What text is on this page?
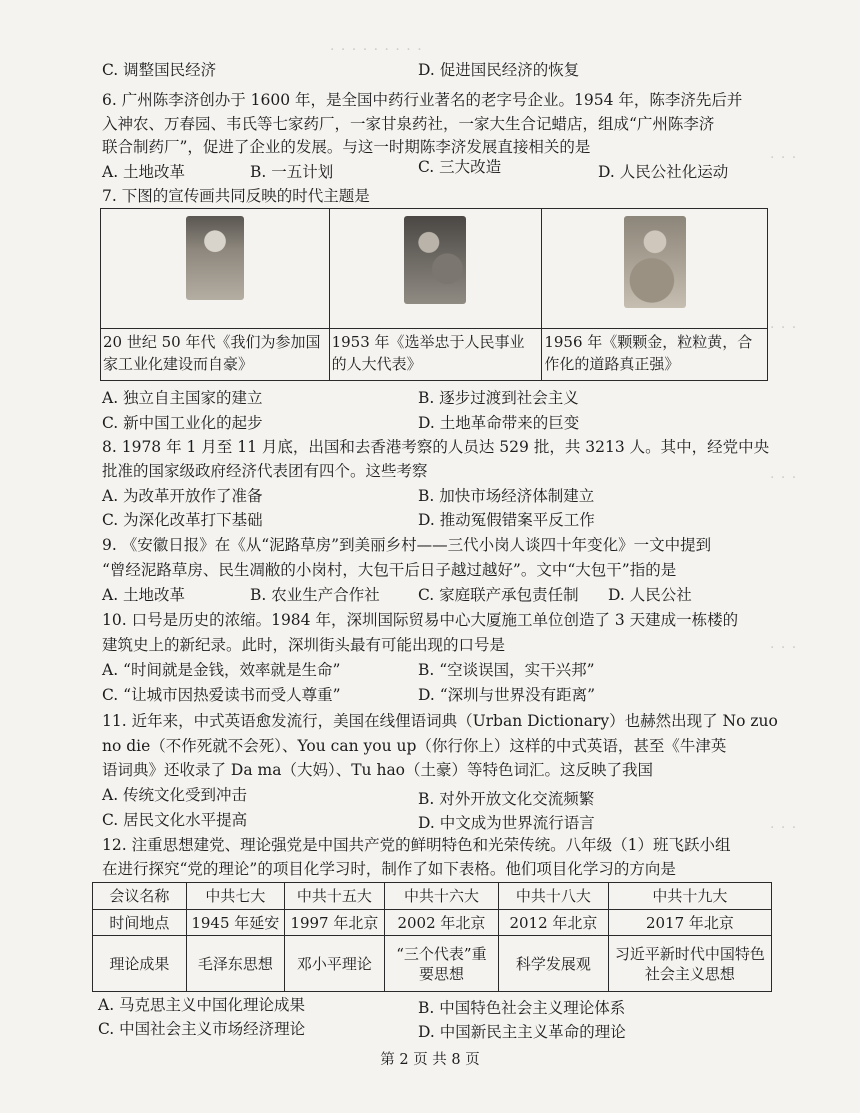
· · · · · · · · ·
· · ·
· · ·
· · ·
· · ·
· · ·
C. 调整国民经济	D. 促进国民经济的恢复
6. 广州陈李济创办于 1600 年，是全国中药行业著名的老字号企业。1954 年，陈李济先后并
入神农、万春园、韦氏等七家药厂，一家甘泉药社，一家大生合记蜡店，组成“广州陈李济
联合制药厂”，促进了企业的发展。与这一时期陈李济发展直接相关的是
A. 土地改革	B. 一五计划	C. 三大改造	D. 人民公社化运动
7. 下图的宣传画共同反映的时代主题是

20 世纪 50 年代《我们为参加国家工业化建设而自豪》	1953 年《选举忠于人民事业的人大代表》	1956 年《颗颗金，粒粒黄，合作化的道路真正强》
A. 独立自主国家的建立	B. 逐步过渡到社会主义
C. 新中国工业化的起步	D. 土地革命带来的巨变
8. 1978 年 1 月至 11 月底，出国和去香港考察的人员达 529 批，共 3213 人。其中，经党中央
批准的国家级政府经济代表团有四个。这些考察
A. 为改革开放作了准备	B. 加快市场经济体制建立
C. 为深化改革打下基础	D. 推动冤假错案平反工作
9. 《安徽日报》在《从“泥路草房”到美丽乡村——三代小岗人谈四十年变化》一文中提到
“曾经泥路草房、民生凋敝的小岗村，大包干后日子越过越好”。文中“大包干”指的是
A. 土地改革	B. 农业生产合作社 C. 家庭联产承包责任制 D. 人民公社
10. 口号是历史的浓缩。1984 年，深圳国际贸易中心大厦施工单位创造了 3 天建成一栋楼的
建筑史上的新纪录。此时，深圳街头最有可能出现的口号是
A. “时间就是金钱，效率就是生命”	B. “空谈误国，实干兴邦”
C. “让城市因热爱读书而受人尊重”	D. “深圳与世界没有距离”
11. 近年来，中式英语愈发流行，美国在线俚语词典（Urban Dictionary）也赫然出现了 No zuo
no die（不作死就不会死）、You can you up（你行你上）这样的中式英语，甚至《牛津英
语词典》还收录了 Da ma（大妈）、Tu hao（土豪）等特色词汇。这反映了我国
A. 传统文化受到冲击	B. 对外开放文化交流频繁
C. 居民文化水平提高	D. 中文成为世界流行语言
12. 注重思想建党、理论强党是中国共产党的鲜明特色和光荣传统。八年级（1）班飞跃小组
在进行探究“党的理论”的项目化学习时，制作了如下表格。他们项目化学习的方向是
会议名称	中共七大	中共十五大	中共十六大	中共十八大	中共十九大
时间地点	1945 年延安	1997 年北京	2002 年北京	2012 年北京	2017 年北京
理论成果	毛泽东思想	邓小平理论	“三个代表”重要思想	科学发展观	习近平新时代中国特色社会主义思想
A. 马克思主义中国化理论成果	B. 中国特色社会主义理论体系
C. 中国社会主义市场经济理论	D. 中国新民主主义革命的理论
第 2 页 共 8 页
